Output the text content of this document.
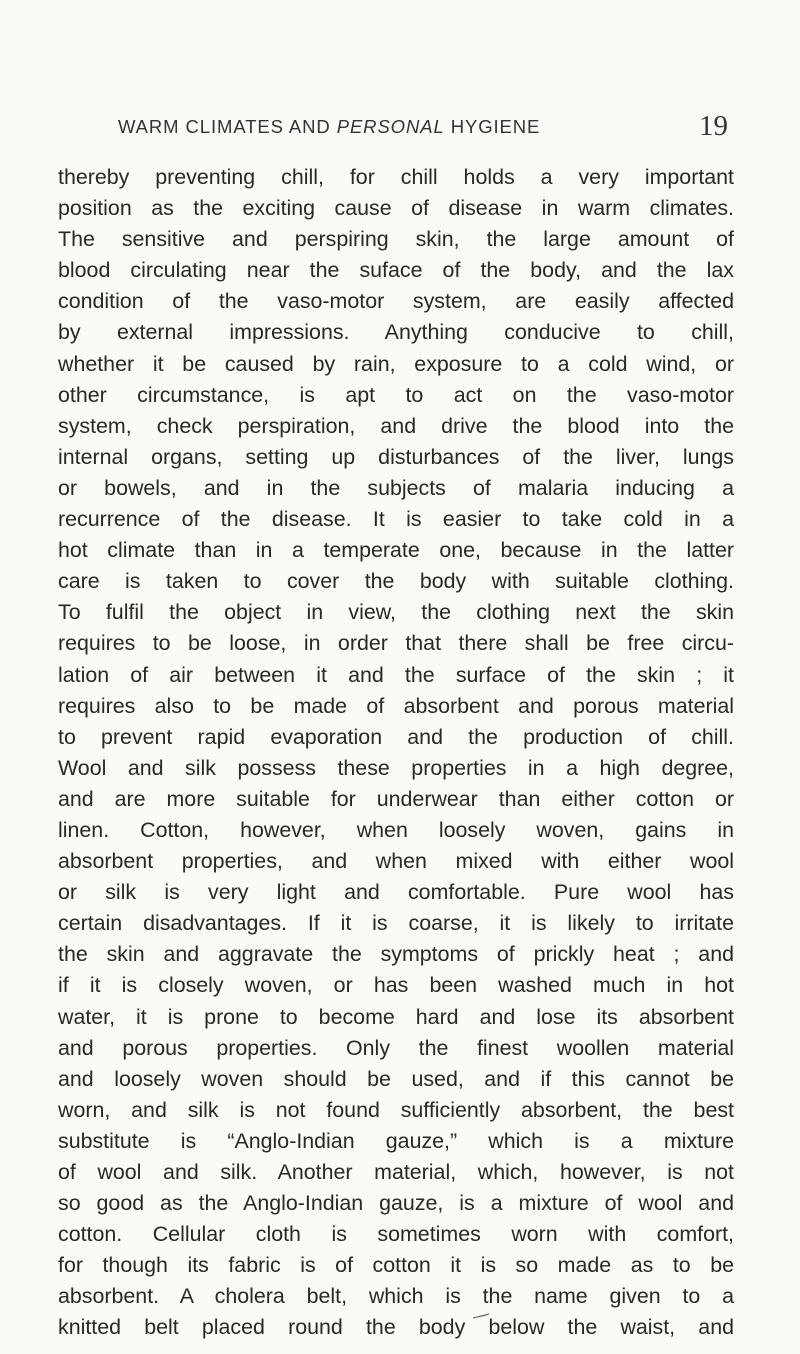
WARM CLIMATES AND PERSONAL HYGIENE	19
thereby preventing chill, for chill holds a very important
position as the exciting cause of disease in warm climates.
The sensitive and perspiring skin, the large amount of
blood circulating near the suface of the body, and the lax
condition of the vaso-motor system, are easily affected
by external impressions. Anything conducive to chill,
whether it be caused by rain, exposure to a cold wind, or
other circumstance, is apt to act on the vaso-motor
system, check perspiration, and drive the blood into the
internal organs, setting up disturbances of the liver, lungs
or bowels, and in the subjects of malaria inducing a
recurrence of the disease. It is easier to take cold in a
hot climate than in a temperate one, because in the latter
care is taken to cover the body with suitable clothing.
To fulfil the object in view, the clothing next the skin
requires to be loose, in order that there shall be free circu-
lation of air between it and the surface of the skin ; it
requires also to be made of absorbent and porous material
to prevent rapid evaporation and the production of chill.
Wool and silk possess these properties in a high degree,
and are more suitable for underwear than either cotton or
linen. Cotton, however, when loosely woven, gains in
absorbent properties, and when mixed with either wool
or silk is very light and comfortable. Pure wool has
certain disadvantages. If it is coarse, it is likely to irritate
the skin and aggravate the symptoms of prickly heat ; and
if it is closely woven, or has been washed much in hot
water, it is prone to become hard and lose its absorbent
and porous properties. Only the finest woollen material
and loosely woven should be used, and if this cannot be
worn, and silk is not found sufficiently absorbent, the best
substitute is “Anglo-Indian gauze,” which is a mixture
of wool and silk. Another material, which, however, is not
so good as the Anglo-Indian gauze, is a mixture of wool and
cotton. Cellular cloth is sometimes worn with comfort,
for though its fabric is of cotton it is so made as to be
absorbent. A cholera belt, which is the name given to a
knitted belt placed round the body below the waist, and
